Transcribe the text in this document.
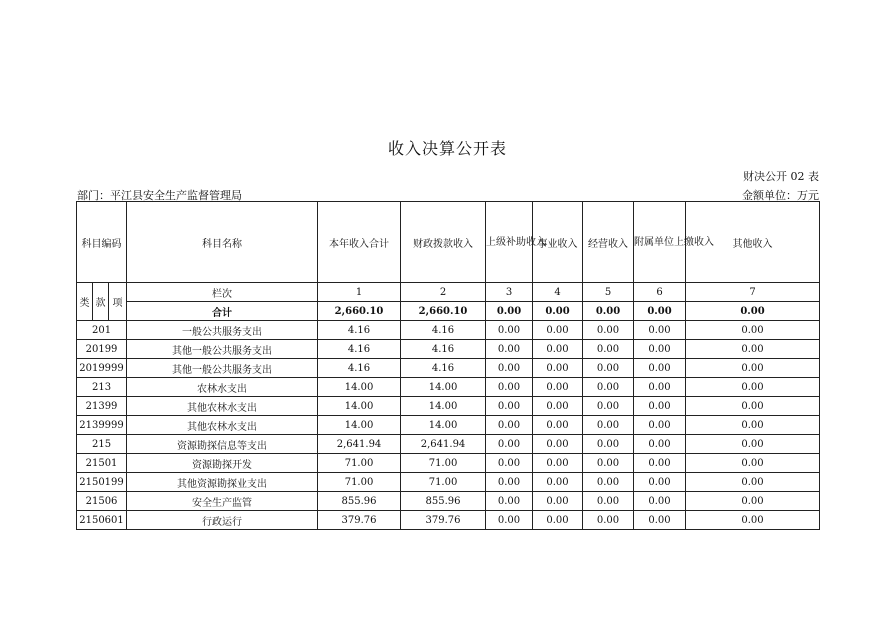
收入决算公开表
财决公开 02 表
部门：平江县安全生产监督管理局	金额单位：万元
科目编码			科目名称	本年收入合计	财政拨款收入	上级补助收入	事业收入	经营收入	附属单位上缴收入	其他收入
类	款	项	栏次	1	2	3	4	5	6	7
			合计	2,660.10	2,660.10	0.00	0.00	0.00	0.00	0.00
201			一般公共服务支出	4.16	4.16	0.00	0.00	0.00	0.00	0.00
20199			其他一般公共服务支出	4.16	4.16	0.00	0.00	0.00	0.00	0.00
2019999			其他一般公共服务支出	4.16	4.16	0.00	0.00	0.00	0.00	0.00
213			农林水支出	14.00	14.00	0.00	0.00	0.00	0.00	0.00
21399			其他农林水支出	14.00	14.00	0.00	0.00	0.00	0.00	0.00
2139999			其他农林水支出	14.00	14.00	0.00	0.00	0.00	0.00	0.00
215			资源勘探信息等支出	2,641.94	2,641.94	0.00	0.00	0.00	0.00	0.00
21501			资源勘探开发	71.00	71.00	0.00	0.00	0.00	0.00	0.00
2150199			其他资源勘探业支出	71.00	71.00	0.00	0.00	0.00	0.00	0.00
21506			安全生产监管	855.96	855.96	0.00	0.00	0.00	0.00	0.00
2150601			行政运行	379.76	379.76	0.00	0.00	0.00	0.00	0.00
